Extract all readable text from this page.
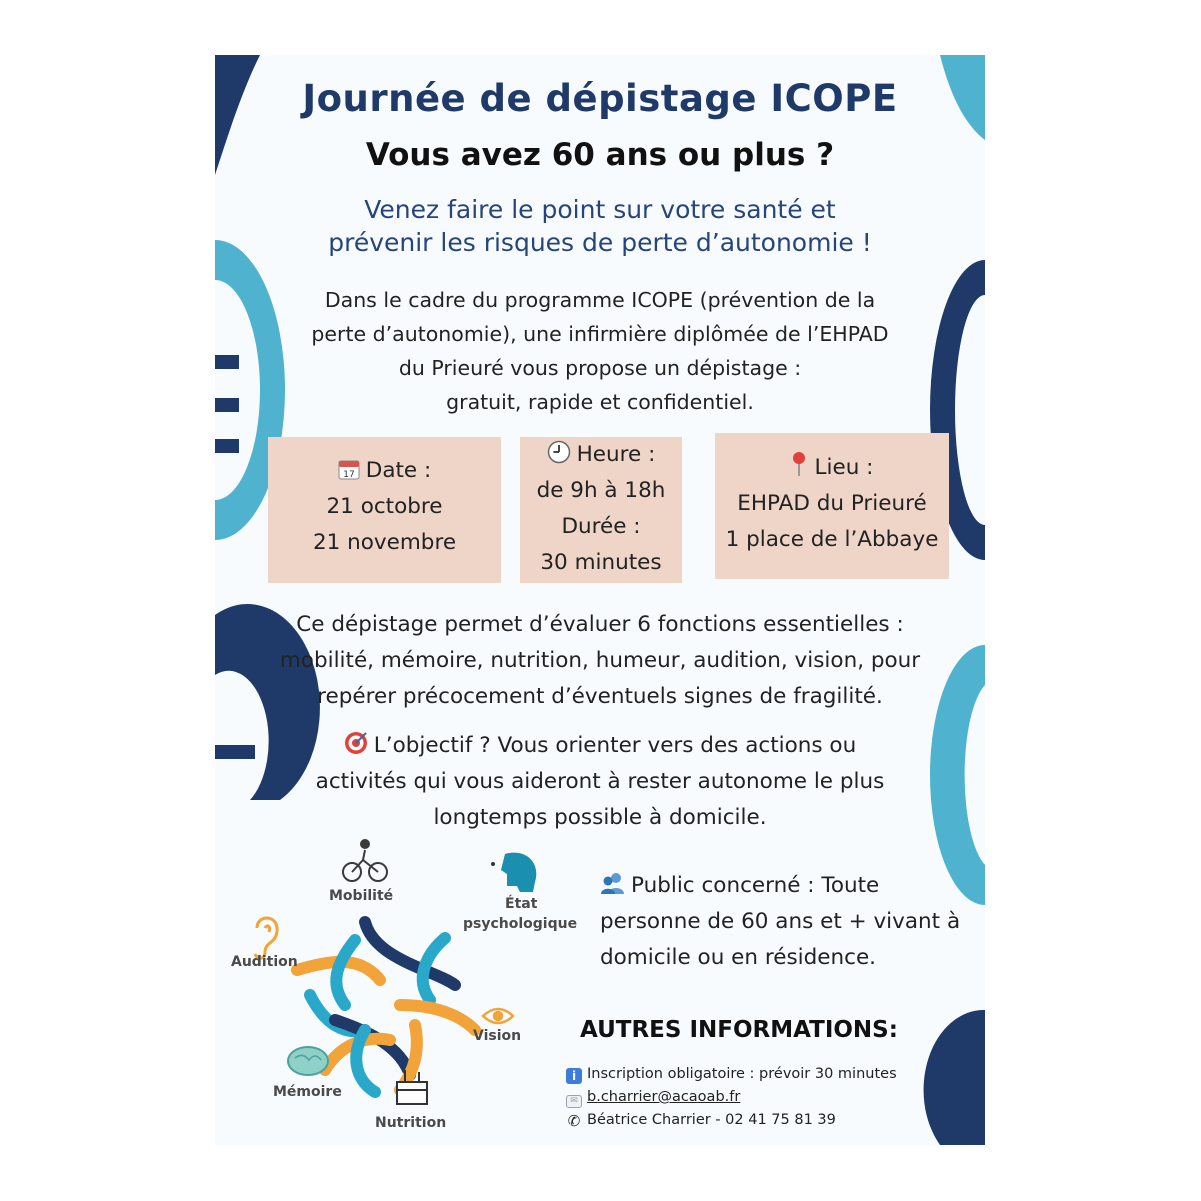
Journée de dépistage ICOPE
Vous avez 60 ans ou plus ?
Venez faire le point sur votre santé et
prévenir les risques de perte d’autonomie !
Dans le cadre du programme ICOPE (prévention de la
perte d’autonomie), une infirmière diplômée de l’EHPAD
du Prieuré vous propose un dépistage :
gratuit, rapide et confidentiel.
17 Date :
21 octobre
21 novembre
Heure :
de 9h à 18h
Durée :
30 minutes
Lieu :
EHPAD du Prieuré
1 place de l’Abbaye
Ce dépistage permet d’évaluer 6 fonctions essentielles :
mobilité, mémoire, nutrition, humeur, audition, vision, pour
repérer précocement d’éventuels signes de fragilité.
L’objectif ? Vous orienter vers des actions ou
activités qui vous aideront à rester autonome le plus
longtemps possible à domicile.
Mobilité	État
psychologique
Audition
Vision
Mémoire
Nutrition
Public concerné : Toute
personne de 60 ans et + vivant à
domicile ou en résidence.
AUTRES INFORMATIONS:
i Inscription obligatoire : prévoir 30 minutes
✉ b.charrier@acaoab.fr
✆ Béatrice Charrier - 02 41 75 81 39
